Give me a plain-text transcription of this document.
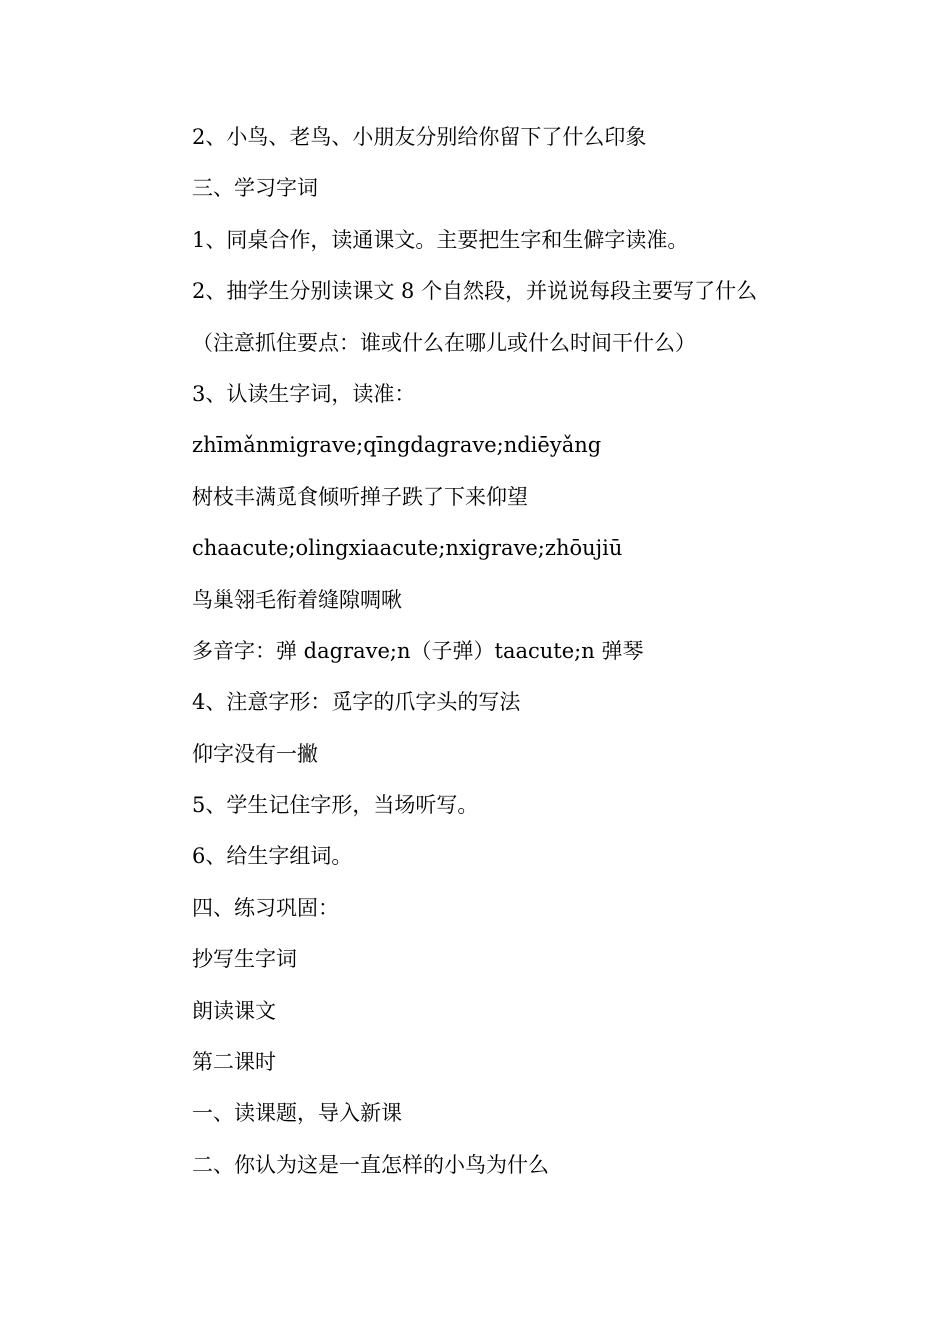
2、小鸟、老鸟、小朋友分别给你留下了什么印象
三、学习字词
1、同桌合作，读通课文。主要把生字和生僻字读准。
2、抽学生分别读课文 8 个自然段，并说说每段主要写了什么
（注意抓住要点：谁或什么在哪儿或什么时间干什么）
3、认读生字词，读准：
zhīmǎnmigrave;qīngdagrave;ndiēyǎng
树枝丰满觅食倾听掸子跌了下来仰望
chaacute;olingxiaacute;nxigrave;zhōujiū
鸟巢翎毛衔着缝隙啁啾
多音字：弹 dagrave;n（子弹）taacute;n 弹琴
4、注意字形：觅字的爪字头的写法
仰字没有一撇
5、学生记住字形，当场听写。
6、给生字组词。
四、练习巩固：
抄写生字词
朗读课文
第二课时
一、读课题，导入新课
二、你认为这是一直怎样的小鸟为什么
